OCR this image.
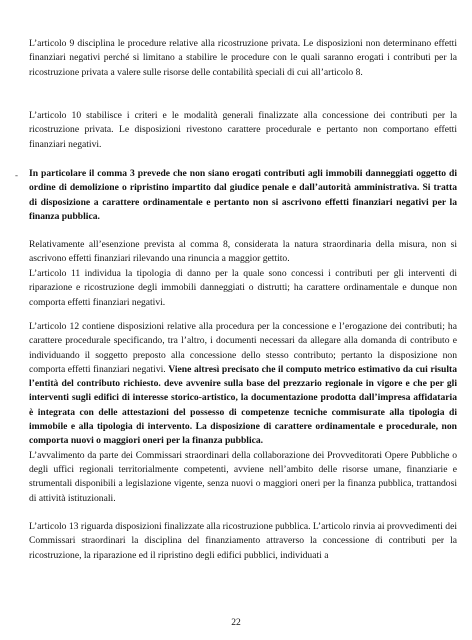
L’articolo 9 disciplina le procedure relative alla ricostruzione privata. Le disposizioni non determinano effetti finanziari negativi perché si limitano a stabilire le procedure con le quali saranno erogati i contributi per la ricostruzione privata a valere sulle risorse delle contabilità speciali di cui all’articolo 8.

L’articolo 10 stabilisce i criteri e le modalità generali finalizzate alla concessione dei contributi per la ricostruzione privata. Le disposizioni rivestono carattere procedurale e pertanto non comportano effetti finanziari negativi.

- In particolare il comma 3 prevede che non siano erogati contributi agli immobili danneggiati oggetto di ordine di demolizione o ripristino impartito dal giudice penale e dall’autorità amministrativa. Si tratta di disposizione a carattere ordinamentale e pertanto non si ascrivono effetti finanziari negativi per la finanza pubblica.

Relativamente all’esenzione prevista al comma 8, considerata la natura straordinaria della misura, non si ascrivono effetti finanziari rilevando una rinuncia a maggior gettito.

L’articolo 11 individua la tipologia di danno per la quale sono concessi i contributi per gli interventi di riparazione e ricostruzione degli immobili danneggiati o distrutti; ha carattere ordinamentale e dunque non comporta effetti finanziari negativi.

L’articolo 12 contiene disposizioni relative alla procedura per la concessione e l’erogazione dei contributi; ha carattere procedurale specificando, tra l’altro, i documenti necessari da allegare alla domanda di contributo e individuando il soggetto preposto alla concessione dello stesso contributo; pertanto la disposizione non comporta effetti finanziari negativi. Viene altresì precisato che il computo metrico estimativo da cui risulta l’entità del contributo richiesto. deve avvenire sulla base del prezzario regionale in vigore e che per gli interventi sugli edifici di interesse storico-artistico, la documentazione prodotta dall’impresa affidataria è integrata con delle attestazioni del possesso di competenze tecniche commisurate alla tipologia di immobile e alla tipologia di intervento. La disposizione di carattere ordinamentale e procedurale, non comporta nuovi o maggiori oneri per la finanza pubblica.
L’avvalimento da parte dei Commissari straordinari della collaborazione dei Provveditorati Opere Pubbliche o degli uffici regionali territorialmente competenti, avviene nell’ambito delle risorse umane, finanziarie e strumentali disponibili a legislazione vigente, senza nuovi o maggiori oneri per la finanza pubblica, trattandosi di attività istituzionali.

L’articolo 13 riguarda disposizioni finalizzate alla ricostruzione pubblica. L’articolo rinvia ai provvedimenti dei Commissari straordinari la disciplina del finanziamento attraverso la concessione di contributi per la ricostruzione, la riparazione ed il ripristino degli edifici pubblici, individuati a

22
